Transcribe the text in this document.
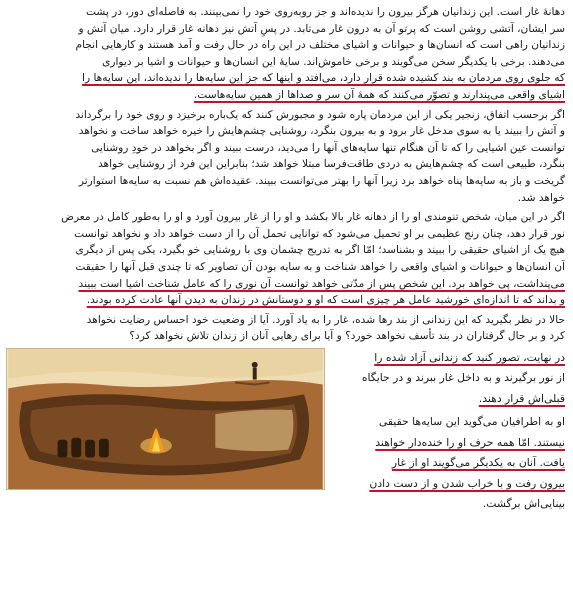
دهانهٔ غار است. این زندانیان هرگز بیرون را ندیده‌اند و جز روبه‌روی خود را نمی‌بینند. به فاصله‌ای دور، در پشت
سر ایشان، آتشی روشن است که پرتو آن به درون غار می‌تابد. در پسِ آتش نیز دهانه غار قرار دارد. میان آتش و
زندانیان راهی است که انسان‌ها و حیوانات و اشیای مختلف در این راه در حال رفت و آمد هستند و کارهایی انجام
می‌دهند. برخی با یکدیگر سخن می‌گویند و برخی خاموش‌اند. سایهٔ این انسان‌ها و حیوانات و اشیا بر دیواری
که جلوی روی مردمان به بند کشیده شده قرار دارد، می‌افتد و اینها که جز این سایه‌ها را ندیده‌اند، این سایه‌ها را
اشیای واقعی می‌پندارند و تصوّر می‌کنند که همهٔ آن سر و صداها از همین سایه‌هاست.
اگر برحسب اتفاق، زنجیر یکی از این مردمان پاره شود و مجبورش کنند که یک‌باره برخیزد و روی خود را برگرداند
و آتش را ببیند یا به سوی مدخل غار برود و به بیرون بنگرد، روشنایی چشم‌هایش را خیره خواهد ساخت و نخواهد
توانست عین اشیایی را که تا آن هنگام تنها سایه‌های آنها را می‌دید، درست ببیند و اگر بخواهد در خودِ روشنایی
بنگرد، طبیعی است که چشم‌هایش به دردی طاقت‌فرسا مبتلا خواهد شد؛ بنابراین این فرد از روشنایی خواهد
گریخت و باز به سایه‌ها پناه خواهد برد زیرا آنها را بهتر می‌توانست ببیند. عقیده‌اش هم نسبت به سایه‌ها استوارتر
خواهد شد.
اگر در این میان، شخص تنومندی او را از دهانه غار بالا بکشد و او را از غار بیرون آورد و او را به‌طور کامل در معرض
نور قرار دهد، چنان رنج عظیمی بر او تحمیل می‌شود که توانایی تحمل آن را از دست خواهد داد و نخواهد توانست
هیچ یک از اشیای حقیقی را ببیند و بشناسد؛ امّا اگر به تدریج چشمان وی با روشنایی خو بگیرد، یکی پس از دیگری
آن انسان‌ها و حیوانات و اشیای واقعی را خواهد شناخت و به سایه بودن آن تصاویر که تا چندی قبل آنها را حقیقت
می‌پنداشت، پی خواهد برد. این شخص پس از مدّتی خواهد توانست آن نوری را که عامل شناخت اشیا است ببیند
و بداند که تا اندازه‌ای خورشید عامل هر چیزی است که او و دوستانش در زندان به دیدن آنها عادت کرده بودند.
حالا در نظر بگیرید که این زندانی از بند رها شده، غار را به یاد آورد. آیا از وضعیت خود احساس رضایت نخواهد
کرد و بر حال گرفتاران در بند تأسف نخواهد خورد؟ و آیا برای رهایی آنان از زندان تلاش نخواهد کرد؟
در نهایت، تصور کنید که زندانی آزاد شده را
از نور برگیرند و به داخل غار ببرند و در جایگاه
قبلی‌اش قرار دهند.
او به اطرافیان می‌گوید این سایه‌ها حقیقی
نیستند. امّا همه حرف او را خنده‌دار خواهند
یافت. آنان به یکدیگر می‌گویند او از غار
بیرون رفت و با خراب شدن و از دست دادن
بینایی‌اش برگشت.
